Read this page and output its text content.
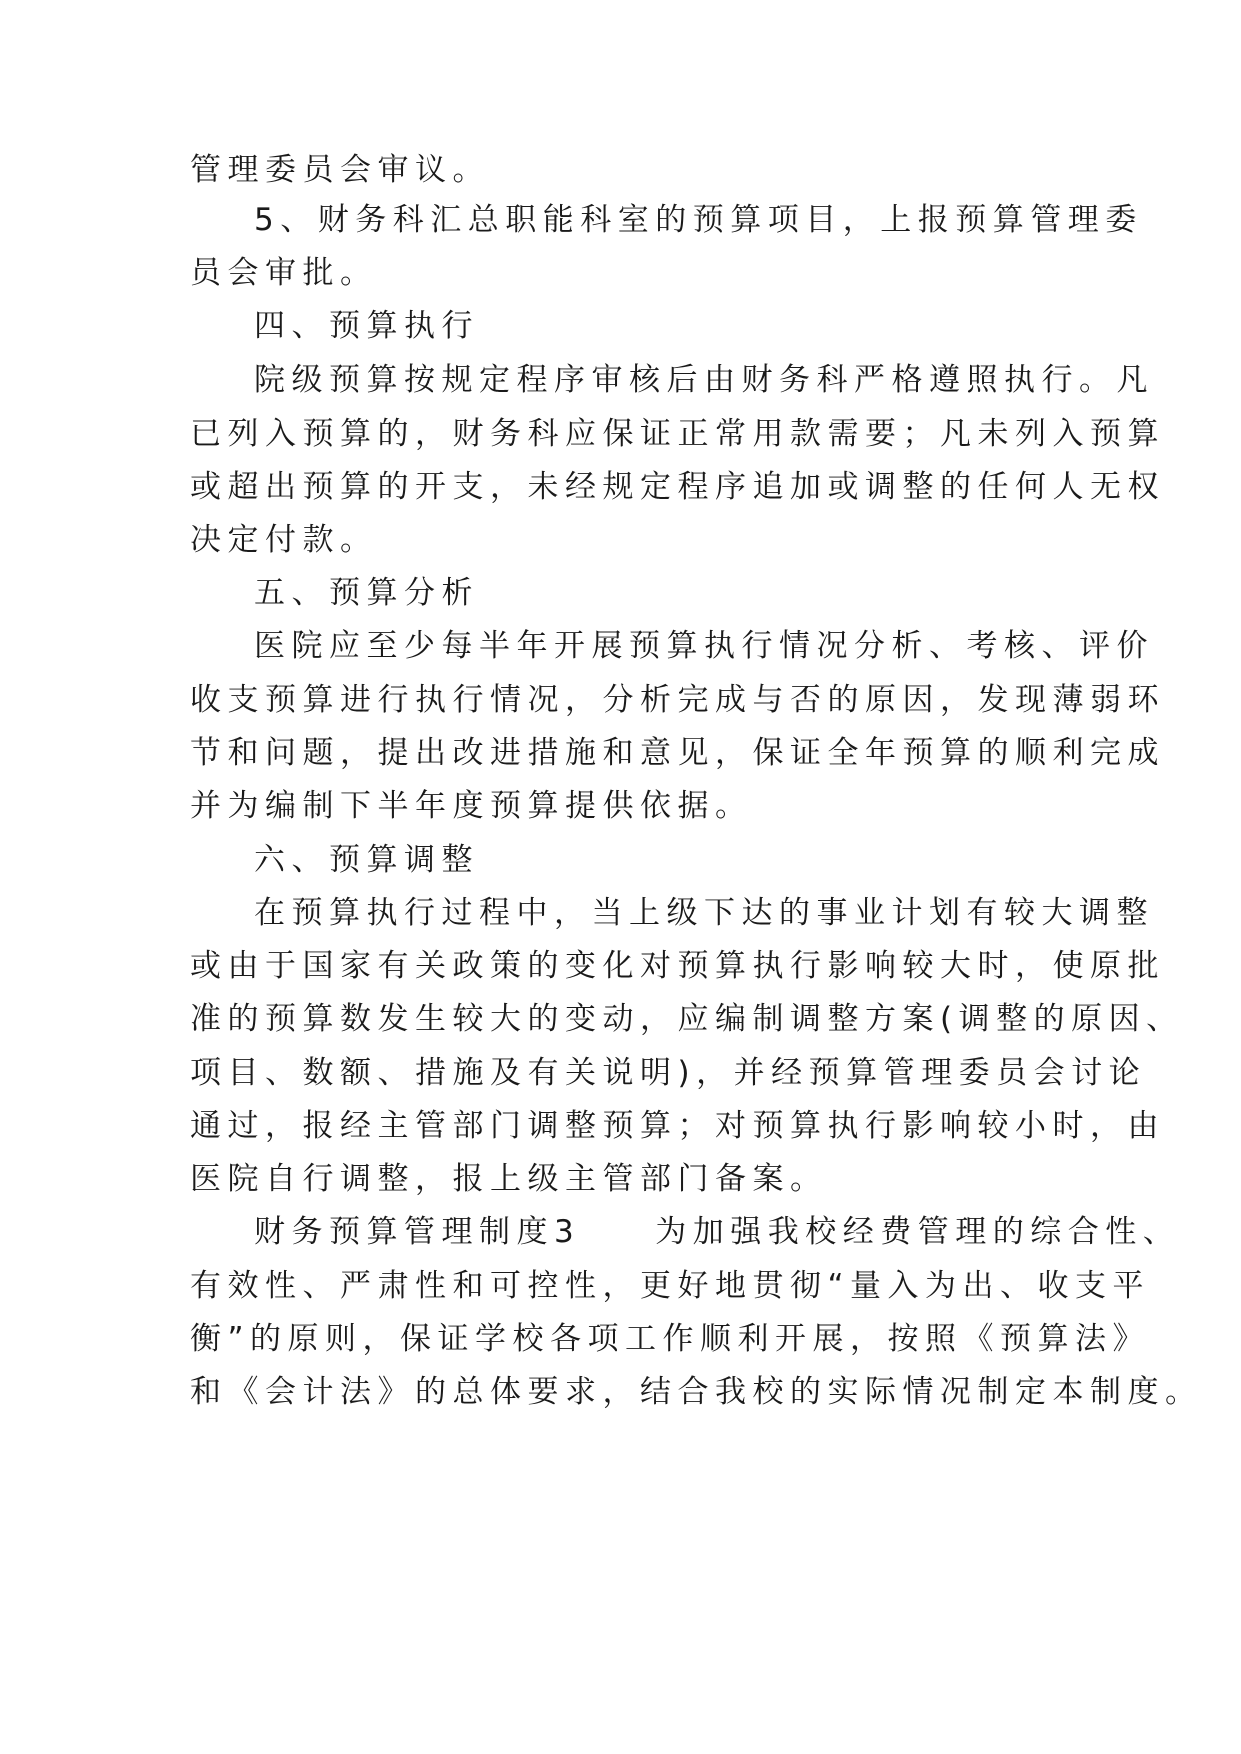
管理委员会审议。
5、财务科汇总职能科室的预算项目，上报预算管理委
员会审批。
四、预算执行
院级预算按规定程序审核后由财务科严格遵照执行。凡
已列入预算的，财务科应保证正常用款需要；凡未列入预算
或超出预算的开支，未经规定程序追加或调整的任何人无权
决定付款。
五、预算分析
医院应至少每半年开展预算执行情况分析、考核、评价
收支预算进行执行情况，分析完成与否的原因，发现薄弱环
节和问题，提出改进措施和意见，保证全年预算的顺利完成
并为编制下半年度预算提供依据。
六、预算调整
在预算执行过程中，当上级下达的事业计划有较大调整
或由于国家有关政策的变化对预算执行影响较大时，使原批
准的预算数发生较大的变动，应编制调整方案(调整的原因、
项目、数额、措施及有关说明)，并经预算管理委员会讨论
通过，报经主管部门调整预算；对预算执行影响较小时，由
医院自行调整，报上级主管部门备案。
财务预算管理制度3　　为加强我校经费管理的综合性、
有效性、严肃性和可控性，更好地贯彻“量入为出、收支平
衡”的原则，保证学校各项工作顺利开展，按照《预算法》
和《会计法》的总体要求，结合我校的实际情况制定本制度。
